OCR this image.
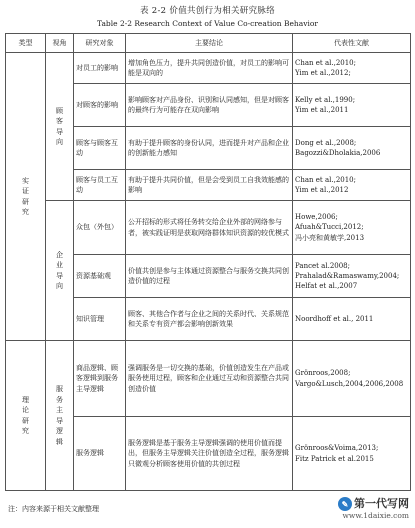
表 2-2 价值共创行为相关研究脉络
Table 2-2 Research Context of Value Co-creation Behavior
类型	视角	研究对象	主要结论	代表性文献

实证研究	顾客导向	对员工的影响	增加角色压力，提升共同创造价值，对员工的影响可能是双向的	Chan et al.,2010;
Yim et al.,2012;
		对顾客的影响	影响顾客对产品身份、识别和认同感知，但是对顾客的最终行为可能存在双向影响	Kelly et al.,1990;
Yim et al.,2011
		顾客与顾客互动	有助于提升顾客的身份认同，进而提升对产品和企业的创新能力感知	Dong et al.,2008;
Bagozzi&Dholakia,2006
		顾客与员工互动	有助于提升共同价值，但是会受到员工自我效能感的影响	Chan et al.,2010;
Yim et al.,2012

	企业导向	众包（外包）	公开招标的形式将任务转交给企业外部的网络参与者，被实践证明是获取网络群体知识资源的较优模式	Howe,2006;
Afuah&Tucci,2012;
冯小亮和黄敏学,2013
		资源基础观	价值共创是参与主体通过资源整合与服务交换共同创造价值的过程	Pancet al.2008;
Prahalad&Ramaswamy,2004;
Helfat et al.,2007
		知识管理	顾客、其他合作者与企业之间的关系时代、关系规范和关系专有资产都会影响创新效果	Noordhoff et al., 2011

理论研究	服务主导逻辑	商品逻辑、顾客逻辑到服务主导逻辑	强调服务是一切交换的基础，价值创造发生在产品或服务使用过程，顾客和企业通过互动和资源整合共同创造价值	Grönroos,2008;
Vargo&Lusch,2004,2006,2008
		服务逻辑	服务逻辑是基于服务主导逻辑强调的使用价值而提出，但服务主导逻辑关注价值创造全过程，服务逻辑只微观分析顾客使用价值的共创过程	Grönroos&Voima,2013;
Fitz Patrick et al.2015
注：内容来源于相关文献整理	✎ 第一代写网
www.1daixie.com
